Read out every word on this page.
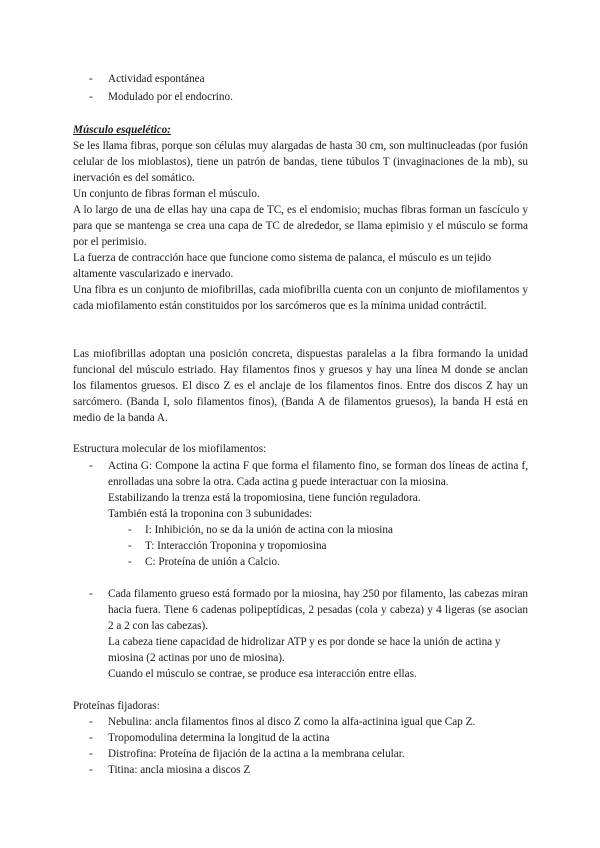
- Actividad espontánea
- Modulado por el endocrino.
Músculo esquelético:

Se les llama fibras, porque son células muy alargadas de hasta 30 cm, son multinucleadas (por fusión celular de los mioblastos), tiene un patrón de bandas, tiene túbulos T (invaginaciones de la mb), su inervación es del somático.

Un conjunto de fibras forman el músculo.

A lo largo de una de ellas hay una capa de TC, es el endomisio; muchas fibras forman un fascículo y para que se mantenga se crea una capa de TC de alrededor, se llama epimisio y el músculo se forma por el perimisio.

La fuerza de contracción hace que funcione como sistema de palanca, el músculo es un tejido altamente vascularizado e inervado.

Una fibra es un conjunto de miofibrillas, cada miofibrilla cuenta con un conjunto de miofilamentos y cada miofilamento están constituidos por los sarcómeros que es la mínima unidad contráctil.

Las miofibrillas adoptan una posición concreta, dispuestas paralelas a la fibra formando la unidad funcional del músculo estriado. Hay filamentos finos y gruesos y hay una línea M donde se anclan los filamentos gruesos. El disco Z es el anclaje de los filamentos finos. Entre dos discos Z hay un sarcómero. (Banda I, solo filamentos finos), (Banda A de filamentos gruesos), la banda H está en medio de la banda A.

Estructura molecular de los miofilamentos:
- Actina G: Compone la actina F que forma el filamento fino, se forman dos líneas de actina f, enrolladas una sobre la otra. Cada actina g puede interactuar con la miosina.

Estabilizando la trenza está la tropomiosina, tiene función reguladora.
También está la troponina con 3 subunidades:
- I: Inhibición, no se da la unión de actina con la miosina
- T: Interacción Troponina y tropomiosina
- C: Proteína de unión a Calcio.
- Cada filamento grueso está formado por la miosina, hay 250 por filamento, las cabezas miran hacia fuera. Tiene 6 cadenas polipeptídicas, 2 pesadas (cola y cabeza) y 4 ligeras (se asocian 2 a 2 con las cabezas).

La cabeza tiene capacidad de hidrolizar ATP y es por donde se hace la unión de actina y miosina (2 actinas por uno de miosina).

Cuando el músculo se contrae, se produce esa interacción entre ellas.
Proteínas fijadoras:
- Nebulina: ancla filamentos finos al disco Z como la alfa-actinina igual que Cap Z.
- Tropomodulina determina la longitud de la actina
- Distrofina: Proteína de fijación de la actina a la membrana celular.
- Titina: ancla miosina a discos Z
